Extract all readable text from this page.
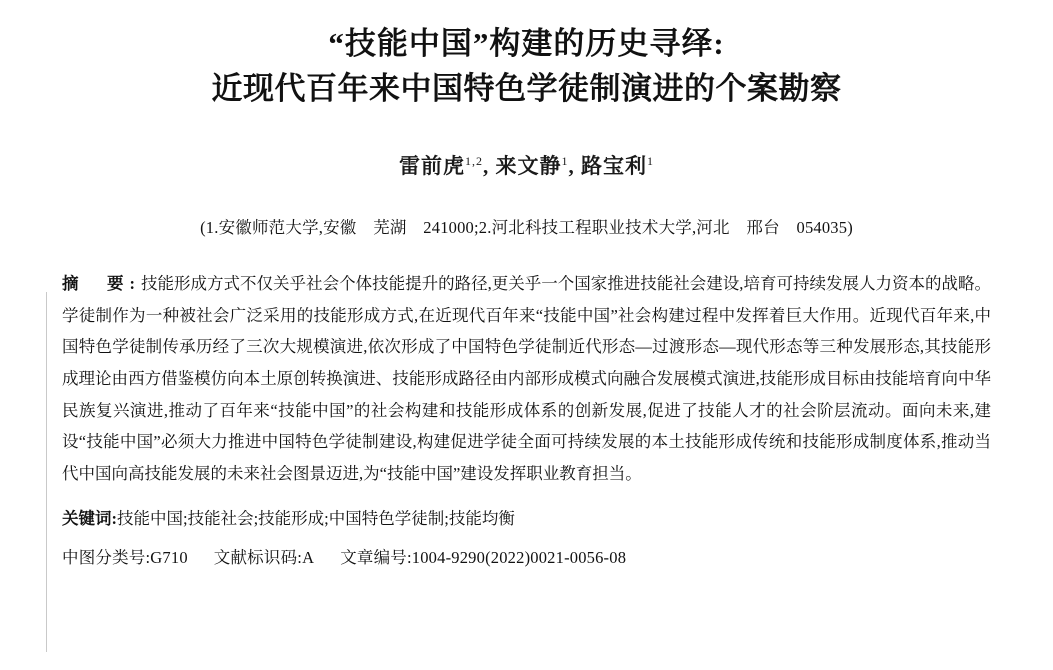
“技能中国”构建的历史寻绎:
近现代百年来中国特色学徒制演进的个案勘察
雷前虎$^{1,2}$, 来文静$^1$, 路宝利$^1$
(1.安徽师范大学,安徽　芜湖　241000;2.河北科技工程职业技术大学,河北　邢台　054035)
摘　要:技能形成方式不仅关乎社会个体技能提升的路径,更关乎一个国家推进技能社会建设,培育可持续发展人力资本的战略。学徒制作为一种被社会广泛采用的技能形成方式,在近现代百年来“技能中国”社会构建过程中发挥着巨大作用。近现代百年来,中国特色学徒制传承历经了三次大规模演进,依次形成了中国特色学徒制近代形态—过渡形态—现代形态等三种发展形态,其技能形成理论由西方借鉴模仿向本土原创转换演进、技能形成路径由内部形成模式向融合发展模式演进,技能形成目标由技能培育向中华民族复兴演进,推动了百年来“技能中国”的社会构建和技能形成体系的创新发展,促进了技能人才的社会阶层流动。面向未来,建设“技能中国”必须大力推进中国特色学徒制建设,构建促进学徒全面可持续发展的本土技能形成传统和技能形成制度体系,推动当代中国向高技能发展的未来社会图景迈进,为“技能中国”建设发挥职业教育担当。
关键词:技能中国;技能社会;技能形成;中国特色学徒制;技能均衡
中图分类号:G710 文献标识码:A 文章编号:1004-9290(2022)0021-0056-08
